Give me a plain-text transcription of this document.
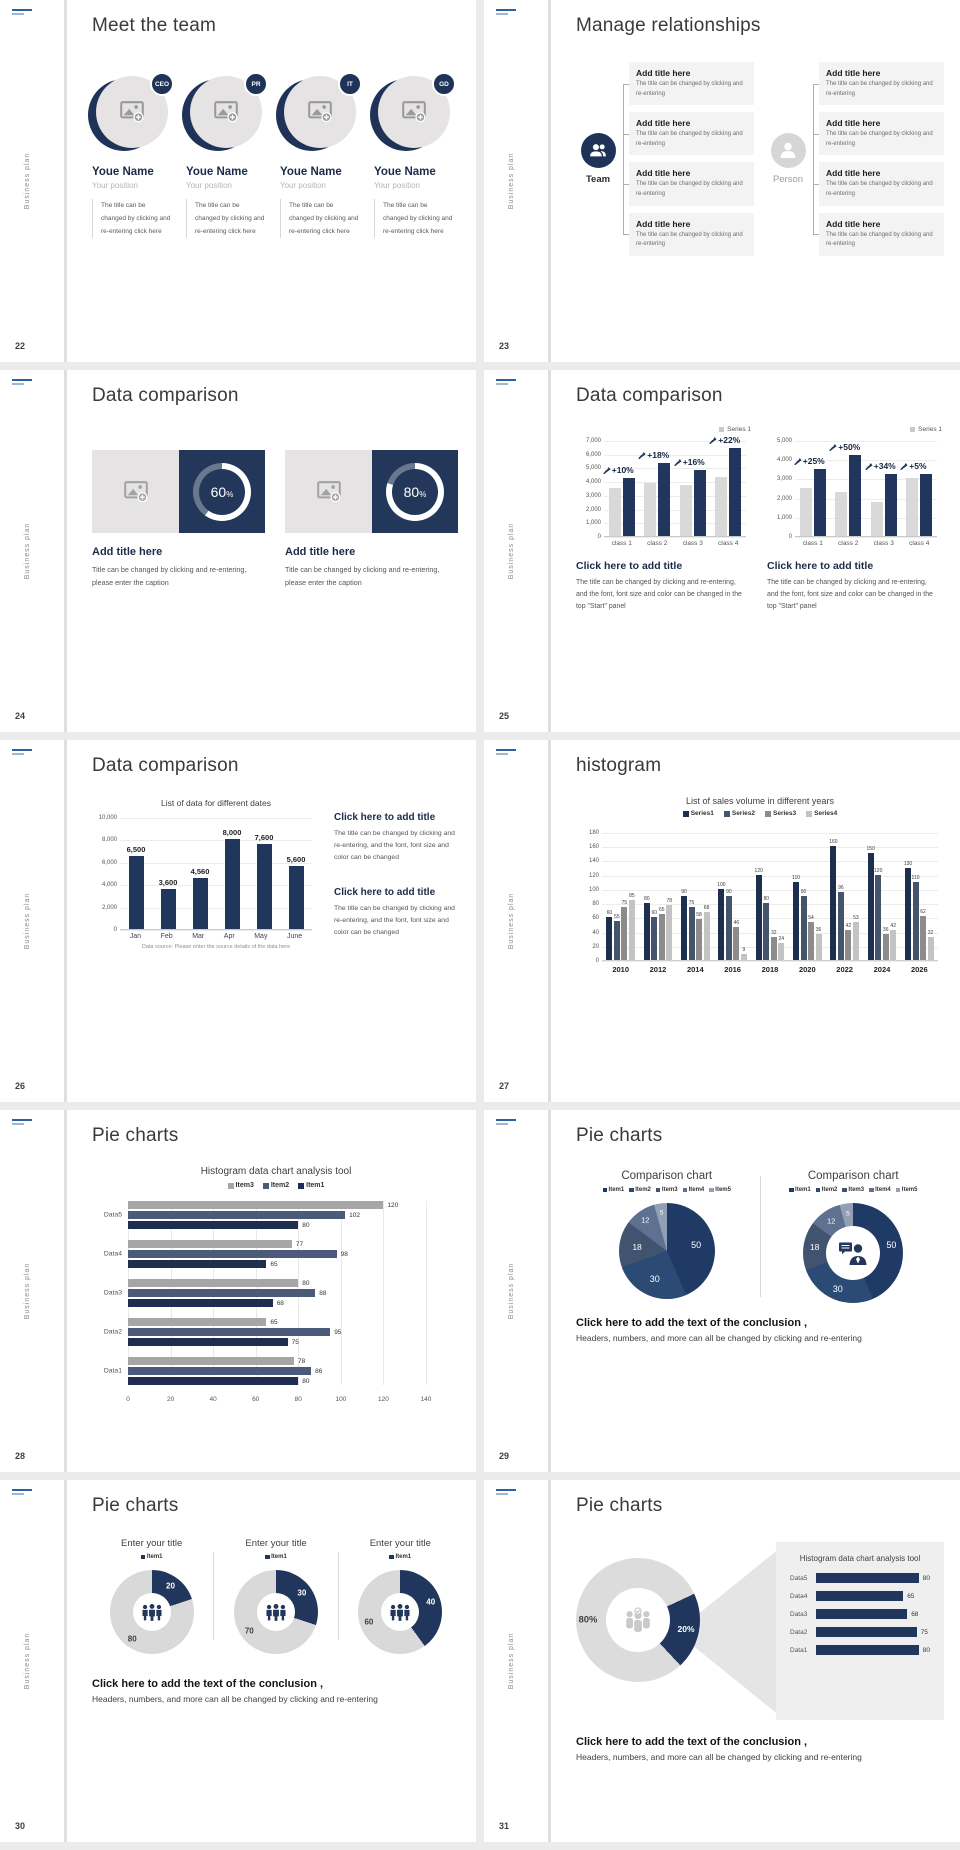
Business plan
Meet the team
CEO
Youe Name
Your position
The title can be changed by clicking and re-entering click here
PR
Youe Name
Your position
The title can be changed by clicking and re-entering click here
IT
Youe Name
Your position
The title can be changed by clicking and re-entering click here
GD
Youe Name
Your position
The title can be changed by clicking and re-entering click here
22
Business plan
Manage relationships
Team
Add title here
The title can be changed by clicking and re-entering
Add title here
The title can be changed by clicking and re-entering
Add title here
The title can be changed by clicking and re-entering
Add title here
The title can be changed by clicking and re-entering
Person
Add title here
The title can be changed by clicking and re-entering
Add title here
The title can be changed by clicking and re-entering
Add title here
The title can be changed by clicking and re-entering
Add title here
The title can be changed by clicking and re-entering
23
Business plan
Data comparison
60%
Add title here
Title can be changed by clicking and re-entering, please enter the caption
80%
Add title here
Title can be changed by clicking and re-entering, please enter the caption
24
Business plan
Data comparison
Series 1
7,000
6,000
5,000
4,000
3,000
2,000
1,000
0
+10%
+18%
+16%
+22%
class 1 class 2 class 3 class 4
Click here to add title
The title can be changed by clicking and re-entering, and the font, font size and color can be changed in the top "Start" panel
Series 1
5,000
4,000
3,000
2,000
1,000
0
+25%
+50%
+34%	+5%
class 1 class 2 class 3 class 4
Click here to add title
The title can be changed by clicking and re-entering, and the font, font size and color can be changed in the top "Start" panel
25
Business plan
Data comparison
List of data for different dates
10,000
8,000
6,000
4,000
2,000
0
6,500
3,600
4,560
8,000 7,600
5,600
Jan	Feb	Mar	Apr	May	June
Data source: Please enter the source details of the data here
Click here to add title
The title can be changed by clicking and re-entering, and the font, font size and color can be changed
Click here to add title
The title can be changed by clicking and re-entering, and the font, font size and color can be changed
26
Business plan
histogram
List of sales volume in different years
Series1	Series2	Series3	Series4
180
160
140
120
100
80
60
40
20
0
60
55
75
85
80
60
65
78
90
75
58
68
100
90
46
9
120
80
32
24
110
90
54
36
160
96
42
53
150
120
36
42
130
110
62
32
2010	2012	2014	2016	2018	2020	2022	2024	2026
27
Business plan
Pie charts
Histogram data chart analysis tool
Item3	Item2	Item1
Data5
120
102
80
Data4
77
98
65
Data3
80
88
68
Data2
65
95
75
Data1
78
86
80
0	20	40	60	80	100	120	140
28
Business plan
Pie charts
Comparison chart
Item1	Item2	Item3	Item4	Item5
50
30
18
12
5
Comparison chart
Item1	Item2	Item3	Item4	Item5
50
30
18
12
5
Click here to add the text of the conclusion ,
Headers, numbers, and more can all be changed by clicking and re-entering
29
Business plan
Pie charts
Enter your title
Item1
20
80
Enter your title
Item1
30
70
Enter your title
Item1
40
60
Click here to add the text of the conclusion ,
Headers, numbers, and more can all be changed by clicking and re-entering
30
Business plan
Pie charts
80%
20%
Histogram data chart analysis tool
Data5	80
Data4	65
Data3	68
Data2	75
Data1	80
Click here to add the text of the conclusion ,
Headers, numbers, and more can all be changed by clicking and re-entering
31
